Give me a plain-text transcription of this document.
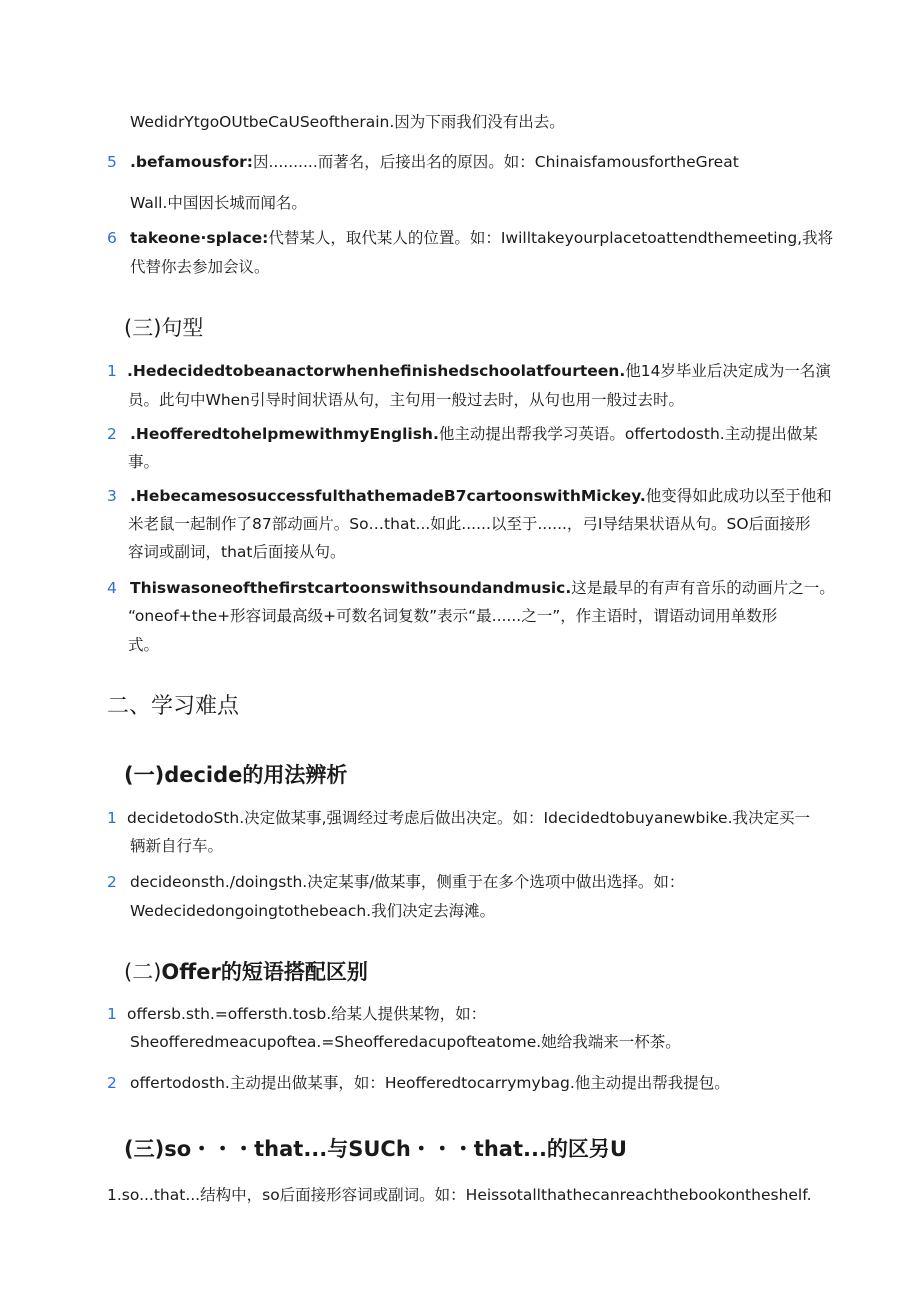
WedidrYtgoOUtbeCaUSeoftherain.因为下雨我们没有出去。
5 .befamousfor:因..........而著名，后接出名的原因。如：ChinaisfamousfortheGreat
Wall.中国因长城而闻名。
6 takeone∙splace:代替某人，取代某人的位置。如：Iwilltakeyourplacetoattendthemeeting,我将
代替你去参加会议。
(三)句型
1 .Hedecidedtobeanactorwhenhefinishedschoolatfourteen.他14岁毕业后决定成为一名演
员。此句中When引导时间状语从句，主句用一般过去时，从句也用一般过去时。
2 .HeofferedtohelpmewithmyEnglish.他主动提出帮我学习英语。offertodosth.主动提出做某
事。
3 .HebecamesosuccessfulthathemadeB7cartoonswithMickey.他变得如此成功以至于他和
米老鼠一起制作了87部动画片。So…that...如此......以至于......，弓I导结果状语从句。SO后面接形
容词或副词，that后面接从句。
4 Thiswasoneofthefirstcartoonswithsoundandmusic.这是最早的有声有音乐的动画片之一。
“oneof+the+形容词最高级+可数名词复数”表示“最......之一”，作主语时，谓语动词用单数形
式。
二、学习难点
(一)decide的用法辨析
1 decidetodoSth.决定做某事,强调经过考虑后做出决定。如：Idecidedtobuyanewbike.我决定买一
辆新自行车。
2 decideonsth./doingsth.决定某事/做某事，侧重于在多个选项中做出选择。如：
Wedecidedongoingtothebeach.我们决定去海滩。
(二)Offer的短语搭配区别
1 offersb.sth.=offersth.tosb.给某人提供某物，如：
Sheofferedmeacupoftea.=Sheofferedacupofteatome.她给我端来一杯茶。
2 offertodosth.主动提出做某事，如：Heofferedtocarrymybag.他主动提出帮我提包。
(三)so・・・that...与SUCh・・・that...的区另U
1.so...that...结构中，so后面接形容词或副词。如：Heissotallthathecanreachthebookontheshelf.
